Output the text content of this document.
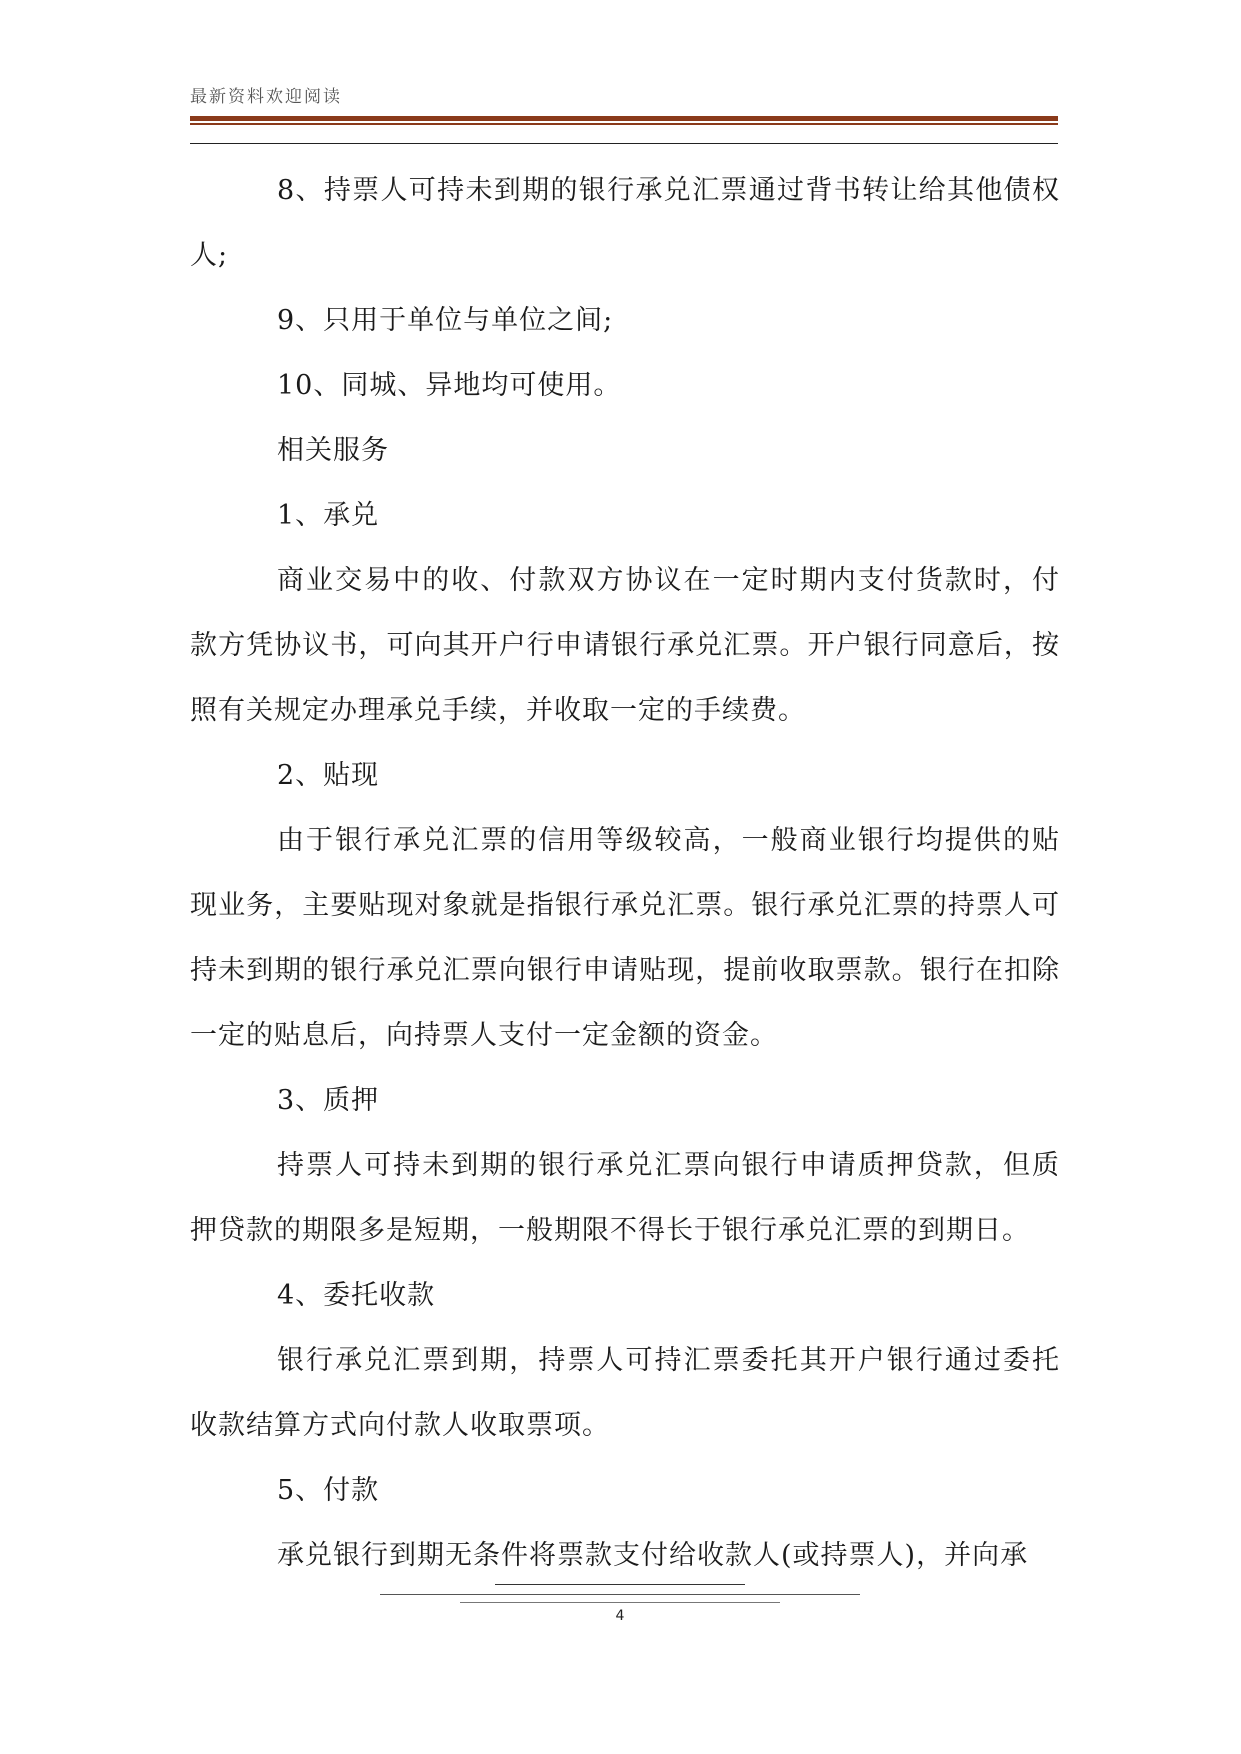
最新资料欢迎阅读

8、持票人可持未到期的银行承兑汇票通过背书转让给其他债权人;

9、只用于单位与单位之间;

10、同城、异地均可使用。

相关服务

1、承兑

商业交易中的收、付款双方协议在一定时期内支付货款时，付款方凭协议书，可向其开户行申请银行承兑汇票。开户银行同意后，按照有关规定办理承兑手续，并收取一定的手续费。

2、贴现

由于银行承兑汇票的信用等级较高，一般商业银行均提供的贴现业务，主要贴现对象就是指银行承兑汇票。银行承兑汇票的持票人可持未到期的银行承兑汇票向银行申请贴现，提前收取票款。银行在扣除一定的贴息后，向持票人支付一定金额的资金。

3、质押

持票人可持未到期的银行承兑汇票向银行申请质押贷款，但质押贷款的期限多是短期，一般期限不得长于银行承兑汇票的到期日。

4、委托收款

银行承兑汇票到期，持票人可持汇票委托其开户银行通过委托收款结算方式向付款人收取票项。

5、付款

承兑银行到期无条件将票款支付给收款人(或持票人)，并向承

4
